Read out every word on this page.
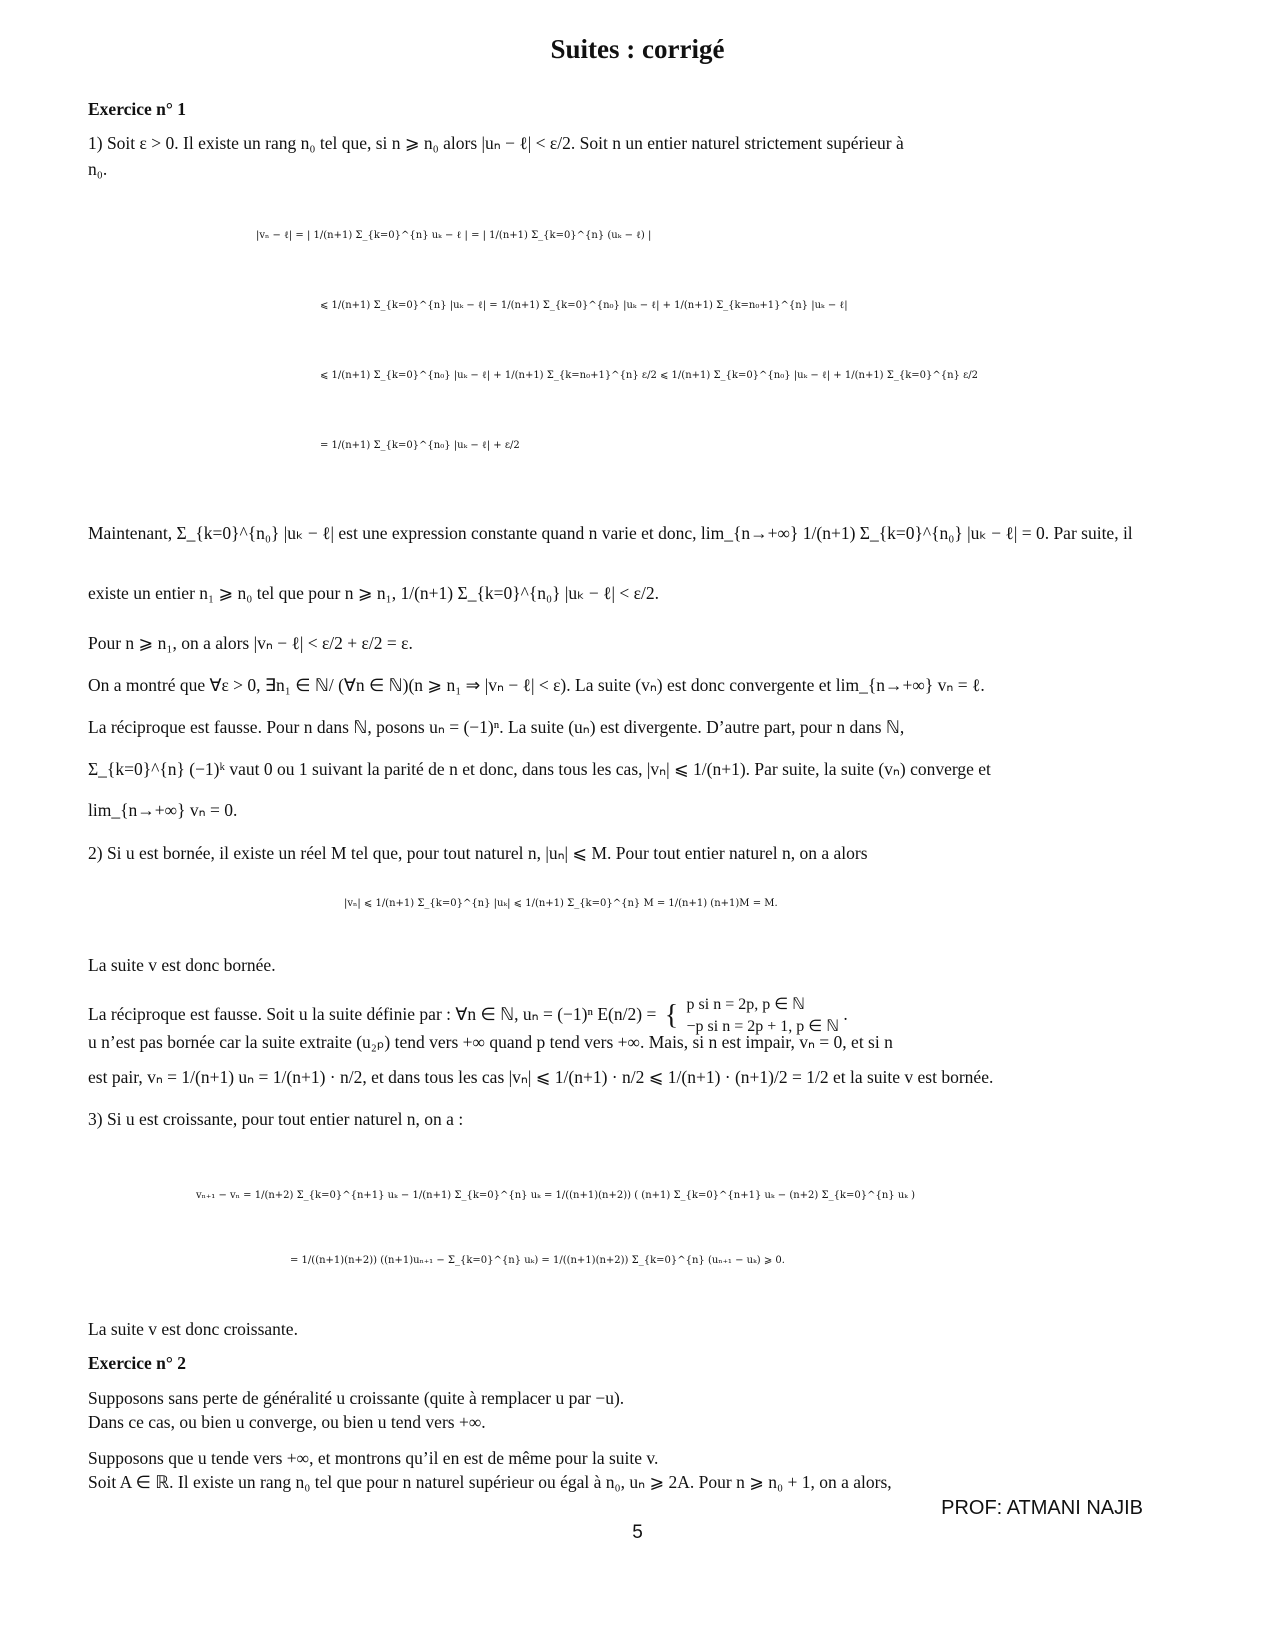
Suites : corrigé
Exercice n° 1
1) Soit ε > 0. Il existe un rang n₀ tel que, si n ⩾ n₀ alors |uₙ − ℓ| < ε/2. Soit n un entier naturel strictement supérieur à
n₀.
|vₙ − ℓ| = | 1/(n+1) Σ_{k=0}^{n} uₖ − ℓ | = | 1/(n+1) Σ_{k=0}^{n} (uₖ − ℓ) |
⩽ 1/(n+1) Σ_{k=0}^{n} |uₖ − ℓ| = 1/(n+1) Σ_{k=0}^{n₀} |uₖ − ℓ| + 1/(n+1) Σ_{k=n₀+1}^{n} |uₖ − ℓ|
⩽ 1/(n+1) Σ_{k=0}^{n₀} |uₖ − ℓ| + 1/(n+1) Σ_{k=n₀+1}^{n} ε/2 ⩽ 1/(n+1) Σ_{k=0}^{n₀} |uₖ − ℓ| + 1/(n+1) Σ_{k=0}^{n} ε/2
= 1/(n+1) Σ_{k=0}^{n₀} |uₖ − ℓ| + ε/2
Maintenant, Σ_{k=0}^{n₀} |uₖ − ℓ| est une expression constante quand n varie et donc, lim_{n→+∞} 1/(n+1) Σ_{k=0}^{n₀} |uₖ − ℓ| = 0. Par suite, il
existe un entier n₁ ⩾ n₀ tel que pour n ⩾ n₁, 1/(n+1) Σ_{k=0}^{n₀} |uₖ − ℓ| < ε/2.
Pour n ⩾ n₁, on a alors |vₙ − ℓ| < ε/2 + ε/2 = ε.
On a montré que ∀ε > 0, ∃n₁ ∈ ℕ/ (∀n ∈ ℕ)(n ⩾ n₁ ⇒ |vₙ − ℓ| < ε). La suite (vₙ) est donc convergente et lim_{n→+∞} vₙ = ℓ.
La réciproque est fausse. Pour n dans ℕ, posons uₙ = (−1)ⁿ. La suite (uₙ) est divergente. D’autre part, pour n dans ℕ,
Σ_{k=0}^{n} (−1)ᵏ vaut 0 ou 1 suivant la parité de n et donc, dans tous les cas, |vₙ| ⩽ 1/(n+1). Par suite, la suite (vₙ) converge et
lim_{n→+∞} vₙ = 0.
2) Si u est bornée, il existe un réel M tel que, pour tout naturel n, |uₙ| ⩽ M. Pour tout entier naturel n, on a alors
|vₙ| ⩽ 1/(n+1) Σ_{k=0}^{n} |uₖ| ⩽ 1/(n+1) Σ_{k=0}^{n} M = 1/(n+1) (n+1)M = M.
La suite v est donc bornée.
La réciproque est fausse. Soit u la suite définie par : ∀n ∈ ℕ, uₙ = (−1)ⁿ E(n/2) = { p si n = 2p, p ∈ ℕ
−p si n = 2p + 1, p ∈ ℕ
.
u n’est pas bornée car la suite extraite (u₂ₚ) tend vers +∞ quand p tend vers +∞. Mais, si n est impair, vₙ = 0, et si n
est pair, vₙ = 1/(n+1) uₙ = 1/(n+1) · n/2, et dans tous les cas |vₙ| ⩽ 1/(n+1) · n/2 ⩽ 1/(n+1) · (n+1)/2 = 1/2 et la suite v est bornée.
3) Si u est croissante, pour tout entier naturel n, on a :
vₙ₊₁ − vₙ = 1/(n+2) Σ_{k=0}^{n+1} uₖ − 1/(n+1) Σ_{k=0}^{n} uₖ = 1/((n+1)(n+2)) ( (n+1) Σ_{k=0}^{n+1} uₖ − (n+2) Σ_{k=0}^{n} uₖ )
= 1/((n+1)(n+2)) ((n+1)uₙ₊₁ − Σ_{k=0}^{n} uₖ) = 1/((n+1)(n+2)) Σ_{k=0}^{n} (uₙ₊₁ − uₖ) ⩾ 0.
La suite v est donc croissante.
Exercice n° 2
Supposons sans perte de généralité u croissante (quite à remplacer u par −u).
Dans ce cas, ou bien u converge, ou bien u tend vers +∞.
Supposons que u tende vers +∞, et montrons qu’il en est de même pour la suite v.
Soit A ∈ ℝ. Il existe un rang n₀ tel que pour n naturel supérieur ou égal à n₀, uₙ ⩾ 2A. Pour n ⩾ n₀ + 1, on a alors,
PROF: ATMANI NAJIB
5
